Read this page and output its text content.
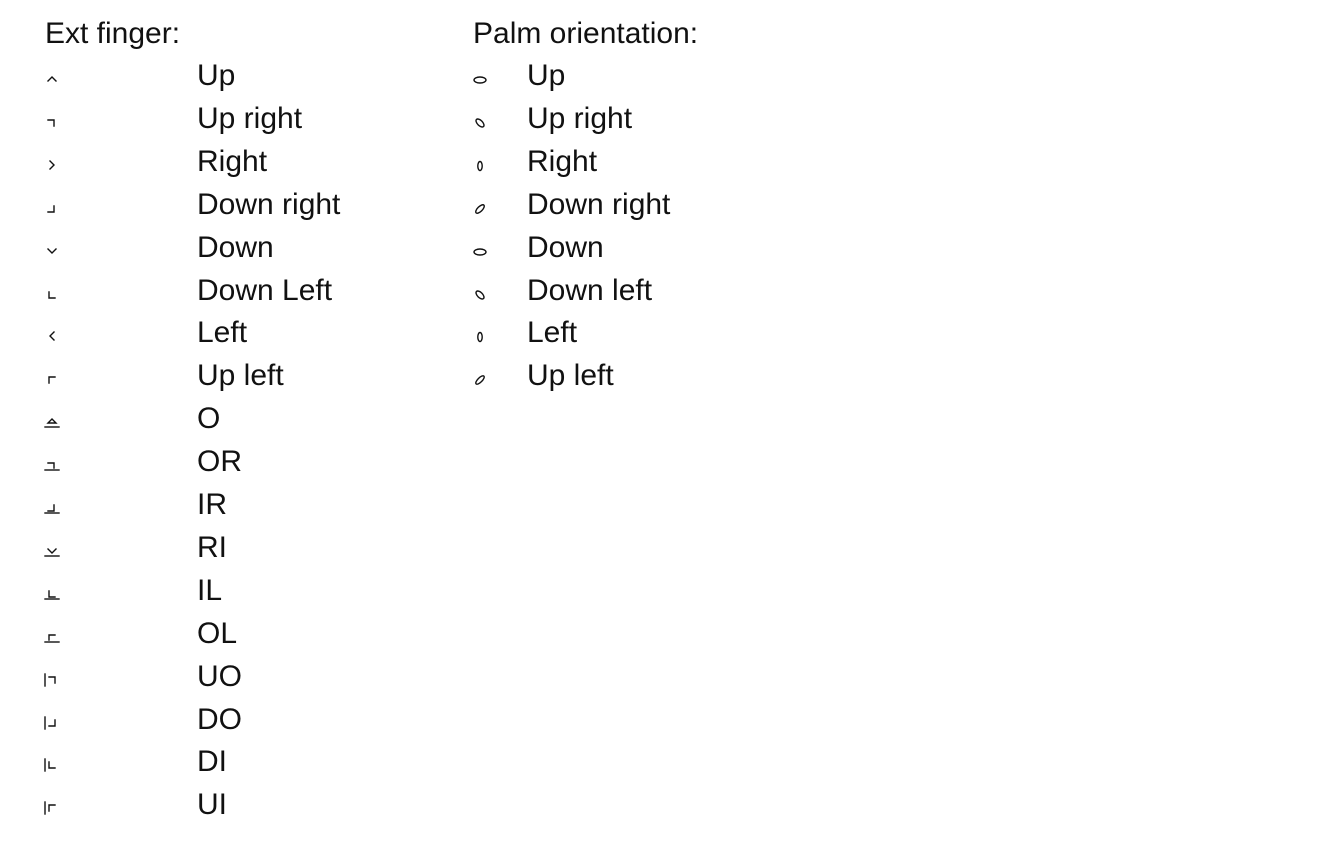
Ext finger:	Palm orientation:
Up
Up right
Right
Down right
Down
Down Left
Left
Up left
O
OR
IR
RI
IL
OL
UO
DO
DI
UI
Up
Up right
Right
Down right
Down
Down left
Left
Up left
